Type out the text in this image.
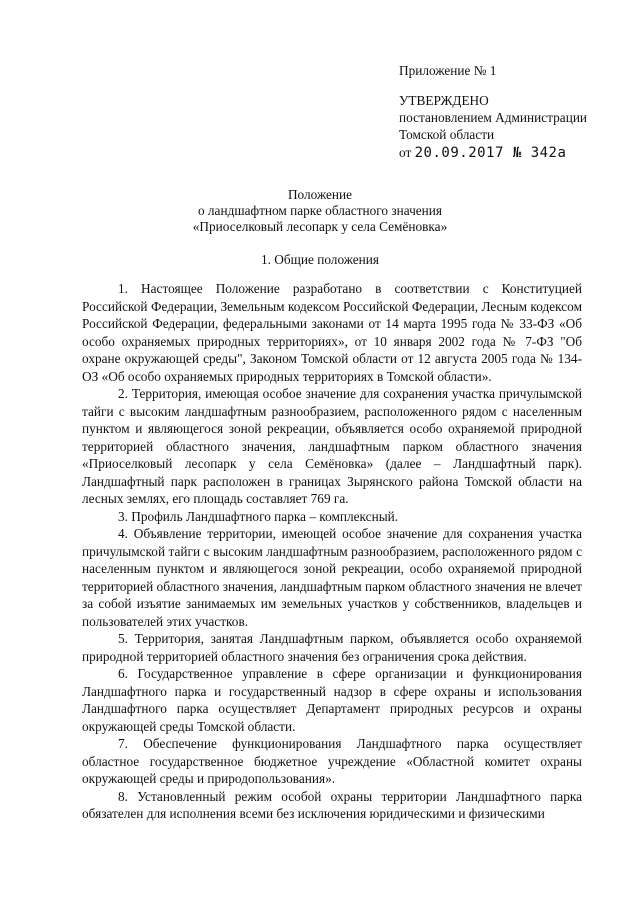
Приложение № 1
УТВЕРЖДЕНО
постановлением Администрации
Томской области
от 20.09.2017 № 342а
Положение
о ландшафтном парке областного значения
«Приоселковый лесопарк у села Семёновка»
1. Общие положения

1. Настоящее Положение разработано в соответствии с Конституцией Российской Федерации, Земельным кодексом Российской Федерации, Лесным кодексом Российской Федерации, федеральными законами от 14 марта 1995 года № 33-ФЗ «Об особо охраняемых природных территориях», от 10 января 2002 года № 7-ФЗ "Об охране окружающей среды", Законом Томской области от 12 августа 2005 года № 134-ОЗ «Об особо охраняемых природных территориях в Томской области».

2. Территория, имеющая особое значение для сохранения участка причулымской тайги с высоким ландшафтным разнообразием, расположенного рядом с населенным пунктом и являющегося зоной рекреации, объявляется особо охраняемой природной территорией областного значения, ландшафтным парком областного значения «Приоселковый лесопарк у села Семёновка» (далее – Ландшафтный парк). Ландшафтный парк расположен в границах Зырянского района Томской области на лесных землях, его площадь составляет 769 га.

3. Профиль Ландшафтного парка – комплексный.

4. Объявление территории, имеющей особое значение для сохранения участка причулымской тайги с высоким ландшафтным разнообразием, расположенного рядом с населенным пунктом и являющегося зоной рекреации, особо охраняемой природной территорией областного значения, ландшафтным парком областного значения не влечет за собой изъятие занимаемых им земельных участков у собственников, владельцев и пользователей этих участков.

5. Территория, занятая Ландшафтным парком, объявляется особо охраняемой природной территорией областного значения без ограничения срока действия.

6. Государственное управление в сфере организации и функционирования Ландшафтного парка и государственный надзор в сфере охраны и использования Ландшафтного парка осуществляет Департамент природных ресурсов и охраны окружающей среды Томской области.

7. Обеспечение функционирования Ландшафтного парка осуществляет областное государственное бюджетное учреждение «Областной комитет охраны окружающей среды и природопользования».

8. Установленный режим особой охраны территории Ландшафтного парка обязателен для исполнения всеми без исключения юридическими и физическими
